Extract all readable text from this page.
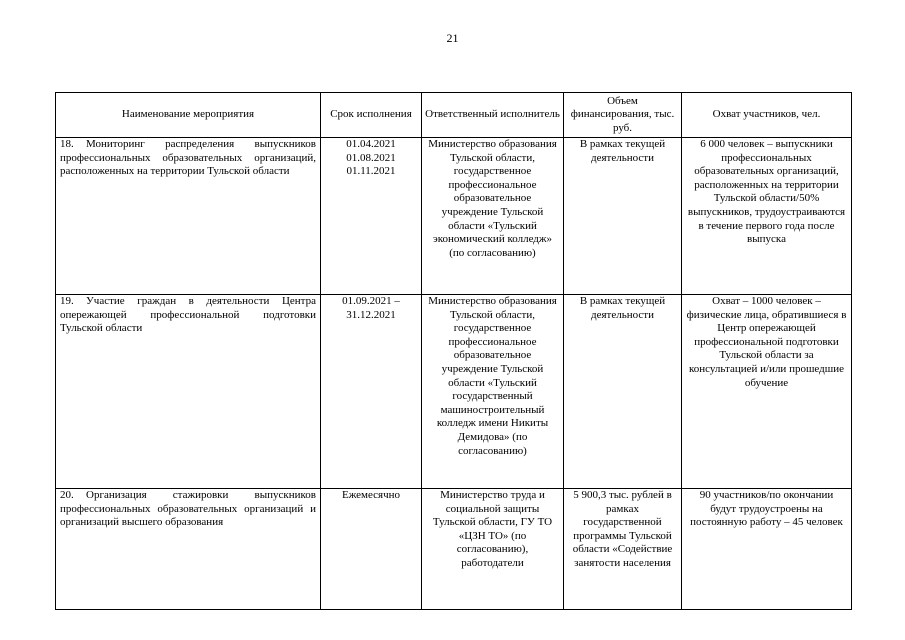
21
Наименование мероприятия	Срок исполнения	Ответственный исполнитель	Объем финансирования, тыс. руб.	Охват участников, чел.
18. Мониторинг распределения выпускников профессиональных образовательных организаций, расположенных на территории Тульской области	01.04.2021 01.08.2021 01.11.2021	Министерство образования Тульской области, государственное профессиональное образовательное учреждение Тульской области «Тульский экономический колледж» (по согласованию)	В рамках текущей деятельности	6 000 человек – выпускники профессиональных образовательных организаций, расположенных на территории Тульской области/50% выпускников, трудоустраиваются в течение первого года после выпуска
19. Участие граждан в деятельности Центра опережающей профессиональной подготовки Тульской области	01.09.2021 – 31.12.2021	Министерство образования Тульской области, государственное профессиональное образовательное учреждение Тульской области «Тульский государственный машиностроительный колледж имени Никиты Демидова» (по согласованию)	В рамках текущей деятельности	Охват – 1000 человек – физические лица, обратившиеся в Центр опережающей профессиональной подготовки Тульской области за консультацией и/или прошедшие обучение
20. Организация стажировки выпускников профессиональных образовательных организаций и организаций высшего образования	Ежемесячно	Министерство труда и социальной защиты Тульской области, ГУ ТО «ЦЗН ТО» (по согласованию), работодатели	5 900,3 тыс. рублей в рамках государственной программы Тульской области «Содействие занятости населения	90 участников/по окончании будут трудоустроены на постоянную работу – 45 человек
